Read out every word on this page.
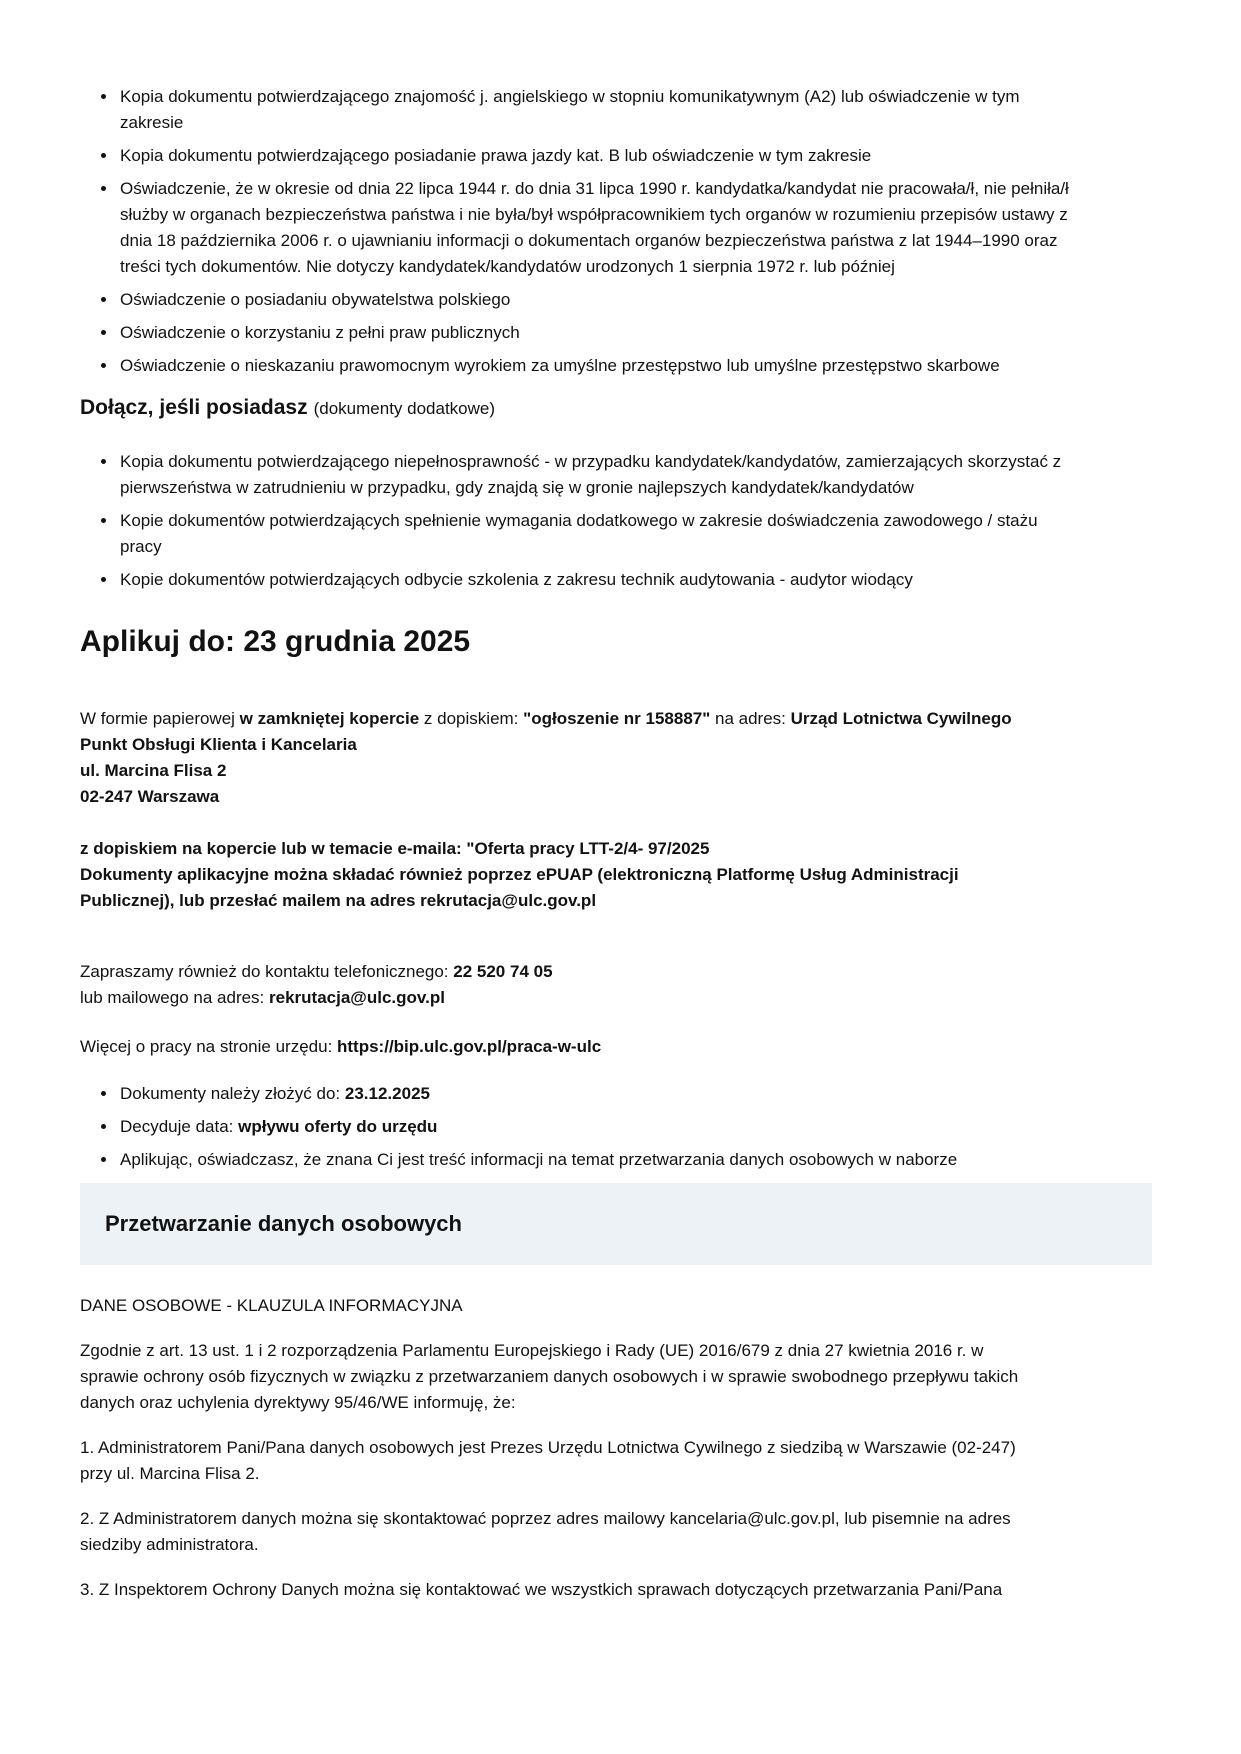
• Kopia dokumentu potwierdzającego znajomość j. angielskiego w stopniu komunikatywnym (A2) lub oświadczenie w tym zakresie
• Kopia dokumentu potwierdzającego posiadanie prawa jazdy kat. B lub oświadczenie w tym zakresie
• Oświadczenie, że w okresie od dnia 22 lipca 1944 r. do dnia 31 lipca 1990 r. kandydatka/kandydat nie pracowała/ł, nie pełniła/ł służby w organach bezpieczeństwa państwa i nie była/był współpracownikiem tych organów w rozumieniu przepisów ustawy z dnia 18 października 2006 r. o ujawnianiu informacji o dokumentach organów bezpieczeństwa państwa z lat 1944–1990 oraz treści tych dokumentów. Nie dotyczy kandydatek/kandydatów urodzonych 1 sierpnia 1972 r. lub później
• Oświadczenie o posiadaniu obywatelstwa polskiego
• Oświadczenie o korzystaniu z pełni praw publicznych
• Oświadczenie o nieskazaniu prawomocnym wyrokiem za umyślne przestępstwo lub umyślne przestępstwo skarbowe
Dołącz, jeśli posiadasz (dokumenty dodatkowe)
• Kopia dokumentu potwierdzającego niepełnosprawność - w przypadku kandydatek/kandydatów, zamierzających skorzystać z pierwszeństwa w zatrudnieniu w przypadku, gdy znajdą się w gronie najlepszych kandydatek/kandydatów
• Kopie dokumentów potwierdzających spełnienie wymagania dodatkowego w zakresie doświadczenia zawodowego / stażu pracy
• Kopie dokumentów potwierdzających odbycie szkolenia z zakresu technik audytowania - audytor wiodący
Aplikuj do: 23 grudnia 2025

W formie papierowej w zamkniętej kopercie z dopiskiem: "ogłoszenie nr 158887" na adres: Urząd Lotnictwa Cywilnego
Punkt Obsługi Klienta i Kancelaria
ul. Marcina Flisa 2
02-247 Warszawa

z dopiskiem na kopercie lub w temacie e-maila: "Oferta pracy LTT-2/4- 97/2025
Dokumenty aplikacyjne można składać również poprzez ePUAP (elektroniczną Platformę Usług Administracji Publicznej), lub przesłać mailem na adres rekrutacja@ulc.gov.pl

Zapraszamy również do kontaktu telefonicznego: 22 520 74 05
lub mailowego na adres: rekrutacja@ulc.gov.pl

Więcej o pracy na stronie urzędu: https://bip.ulc.gov.pl/praca-w-ulc

• Dokumenty należy złożyć do: 23.12.2025
• Decyduje data: wpływu oferty do urzędu
• Aplikując, oświadczasz, że znana Ci jest treść informacji na temat przetwarzania danych osobowych w naborze
Przetwarzanie danych osobowych

DANE OSOBOWE - KLAUZULA INFORMACYJNA

Zgodnie z art. 13 ust. 1 i 2 rozporządzenia Parlamentu Europejskiego i Rady (UE) 2016/679 z dnia 27 kwietnia 2016 r. w sprawie ochrony osób fizycznych w związku z przetwarzaniem danych osobowych i w sprawie swobodnego przepływu takich danych oraz uchylenia dyrektywy 95/46/WE informuję, że:

1. Administratorem Pani/Pana danych osobowych jest Prezes Urzędu Lotnictwa Cywilnego z siedzibą w Warszawie (02-247) przy ul. Marcina Flisa 2.

2. Z Administratorem danych można się skontaktować poprzez adres mailowy kancelaria@ulc.gov.pl, lub pisemnie na adres siedziby administratora.

3. Z Inspektorem Ochrony Danych można się kontaktować we wszystkich sprawach dotyczących przetwarzania Pani/Pana
